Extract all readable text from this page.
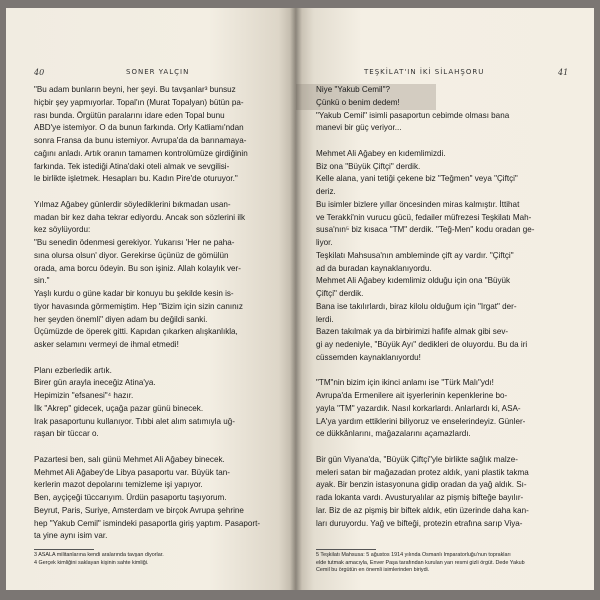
40	SONER YALÇIN
"Bu adam bunların beyni, her şeyi. Bu tavşanlar³ bunsuz
hiçbir şey yapmıyorlar. Topal'ın (Murat Topalyan) bütün pa-
rası bunda. Örgütün paralarını idare eden Topal bunu
ABD'ye istemiyor. O da bunun farkında. Orly Katliamı'ndan
sonra Fransa da bunu istemiyor. Avrupa'da da barınamaya-
cağını anladı. Artık oranın tamamen kontrolümüze girdiğinin
farkında. Tek istediği Atina'daki oteli almak ve sevgilisi-
le birlikte işletmek. Hesapları bu. Kadın Pire'de oturuyor."
Yılmaz Ağabey günlerdir söylediklerini bıkmadan usan-
madan bir kez daha tekrar ediyordu. Ancak son sözlerini ilk
kez söylüyordu:
"Bu senedin ödenmesi gerekiyor. Yukarısı 'Her ne paha-
sına olursa olsun' diyor. Gerekirse üçünüz de gömülün
orada, ama borcu ödeyin. Bu son işiniz. Allah kolaylık ver-
sin."
Yaşlı kurdu o güne kadar bir konuyu bu şekilde kesin is-
tiyor havasında görmemiştim. Hep "Bizim için sizin canınız
her şeyden önemli" diyen adam bu değildi sanki.
Üçümüzde de öperek gitti. Kapıdan çıkarken alışkanlıkla,
asker selamını vermeyi de ihmal etmedi!
Planı ezberledik artık.
Birer gün arayla ineceğiz Atina'ya.
Hepimizin "efsanesi"⁴ hazır.
İlk "Akrep" gidecek, uçağa pazar günü binecek.
Irak pasaportunu kullanıyor. Tıbbi alet alım satımıyla uğ-
raşan bir tüccar o.
Pazartesi ben, salı günü Mehmet Ali Ağabey binecek.
Mehmet Ali Ağabey'de Libya pasaportu var. Büyük tan-
kerlerin mazot depolarını temizleme işi yapıyor.
Ben, ayçiçeği tüccarıyım. Ürdün pasaportu taşıyorum.
Beyrut, Paris, Suriye, Amsterdam ve birçok Avrupa şehrine
hep "Yakub Cemil" ismindeki pasaportla giriş yaptım. Pasaport-
ta yine aynı isim var.
3 ASALA militanlarına kendi aralarında tavşan diyorlar.
4 Gerçek kimliğini saklayan kişinin sahte kimliği.
TEŞKİLAT'IN İKİ SİLAHŞORU	41
Niye "Yakub Cemil"?
Çünkü o benim dedem!
"Yakub Cemil" isimli pasaportun cebimde olması bana
manevi bir güç veriyor...
Mehmet Ali Ağabey en kıdemlimizdi.
Biz ona "Büyük Çiftçi" derdik.
Kelle alana, yani tetiği çekene biz "Teğmen" veya "Çiftçi"
deriz.
Bu isimler bizlere yıllar öncesinden miras kalmıştır. İttihat
ve Terakki'nin vurucu gücü, fedailer müfrezesi Teşkilatı Mah-
susa'nın⁵ biz kısaca "TM" derdik. "Teğ-Men" kodu oradan ge-
liyor.
Teşkilatı Mahsusa'nın ambleminde çift ay vardır. "Çiftçi"
ad da buradan kaynaklanıyordu.
Mehmet Ali Ağabey kıdemlimiz olduğu için ona "Büyük
Çiftçi" derdik.
Bana ise takılırlardı, biraz kilolu olduğum için "Irgat" der-
lerdi.
Bazen takılmak ya da birbirimizi hafife almak gibi sev-
gi ay nedeniyle, "Büyük Ayı" dedikleri de oluyordu. Bu da iri
cüssemden kaynaklanıyordu!
"TM"nin bizim için ikinci anlamı ise "Türk Malı"ydı!
Avrupa'da Ermenilere ait işyerlerinin kepenklerine bo-
yayla "TM" yazardık. Nasıl korkarlardı. Anlarlardı ki, ASA-
LA'ya yardım ettiklerini biliyoruz ve enselerindeyiz. Günler-
ce dükkânlarını, mağazalarını açamazlardı.
Bir gün Viyana'da, "Büyük Çiftçi"yle birlikte sağlık malze-
meleri satan bir mağazadan protez aldık, yani plastik takma
ayak. Bir benzin istasyonuna gidip oradan da yağ aldık. Sı-
rada lokanta vardı. Avusturyalılar az pişmiş bifteğe bayılır-
lar. Biz de az pişmiş bir biftek aldık, etin üzerinde daha kan-
ları duruyordu. Yağ ve bifteği, protezin etrafına sarıp Viya-
5 Teşkilatı Mahsusa: 5 ağustos 1914 yılında Osmanlı İmparatorluğu'nun toprakları
elde tutmak amacıyla, Enver Paşa tarafından kurulan yarı resmi gizli örgüt. Dede Yakub
Cemil bu örgütün en önemli isimlerinden biriydi.
